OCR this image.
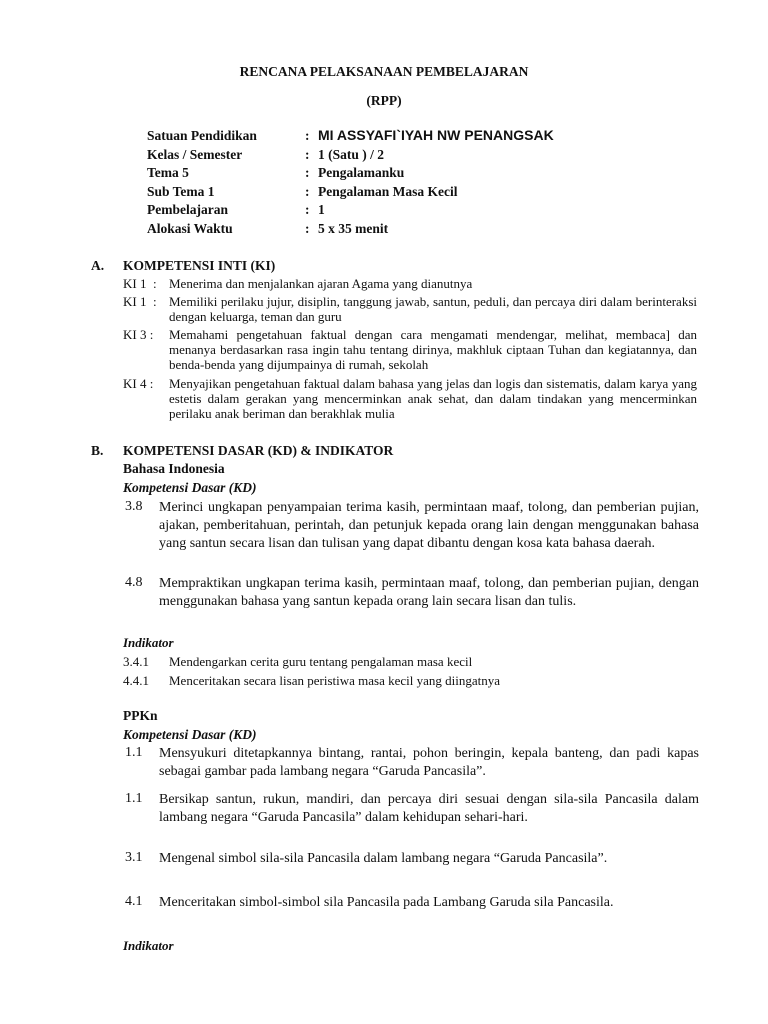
RENCANA PELAKSANAAN PEMBELAJARAN
(RPP)
Satuan Pendidikan	: MI ASSYAFI`IYAH NW PENANGSAK
Kelas / Semester	: 1 (Satu ) / 2
Tema 5	: Pengalamanku
Sub Tema 1	: Pengalaman Masa Kecil
Pembelajaran	: 1
Alokasi Waktu	: 5 x 35 menit
A. KOMPETENSI INTI (KI)
KI 1  : Menerima dan menjalankan ajaran Agama yang dianutnya
KI 1  : Memiliki perilaku jujur, disiplin, tanggung jawab, santun, peduli, dan percaya diri dalam berinteraksi dengan keluarga, teman dan guru
KI 3 : Memahami pengetahuan faktual dengan cara mengamati mendengar, melihat, membaca] dan menanya berdasarkan rasa ingin tahu tentang dirinya, makhluk ciptaan Tuhan dan kegiatannya, dan benda-benda yang dijumpainya di rumah, sekolah
KI 4 : Menyajikan pengetahuan faktual dalam bahasa yang jelas dan logis dan sistematis, dalam karya yang estetis dalam gerakan yang mencerminkan anak sehat, dan dalam tindakan yang mencerminkan perilaku anak beriman dan berakhlak mulia
B. KOMPETENSI DASAR (KD) & INDIKATOR
Bahasa Indonesia
Kompetensi Dasar (KD)
3.8 Merinci ungkapan penyampaian terima kasih, permintaan maaf, tolong, dan pemberian pujian, ajakan, pemberitahuan, perintah, dan petunjuk kepada orang lain dengan menggunakan bahasa yang santun secara lisan dan tulisan yang dapat dibantu dengan kosa kata bahasa daerah.
4.8 Mempraktikan ungkapan terima kasih, permintaan maaf, tolong, dan pemberian pujian, dengan menggunakan bahasa yang santun kepada orang lain secara lisan dan tulis.
Indikator
3.4.1 Mendengarkan cerita guru tentang pengalaman masa kecil
4.4.1 Menceritakan secara lisan peristiwa masa kecil yang diingatnya
PPKn
Kompetensi Dasar (KD)
1.1 Mensyukuri ditetapkannya bintang, rantai, pohon beringin, kepala banteng, dan padi kapas sebagai gambar pada lambang negara “Garuda Pancasila”.
1.1 Bersikap santun, rukun, mandiri, dan percaya diri sesuai dengan sila-sila Pancasila dalam lambang negara “Garuda Pancasila” dalam kehidupan sehari-hari.
3.1 Mengenal simbol sila-sila Pancasila dalam lambang negara “Garuda Pancasila”.
4.1 Menceritakan simbol-simbol sila Pancasila pada Lambang Garuda sila Pancasila.
Indikator
